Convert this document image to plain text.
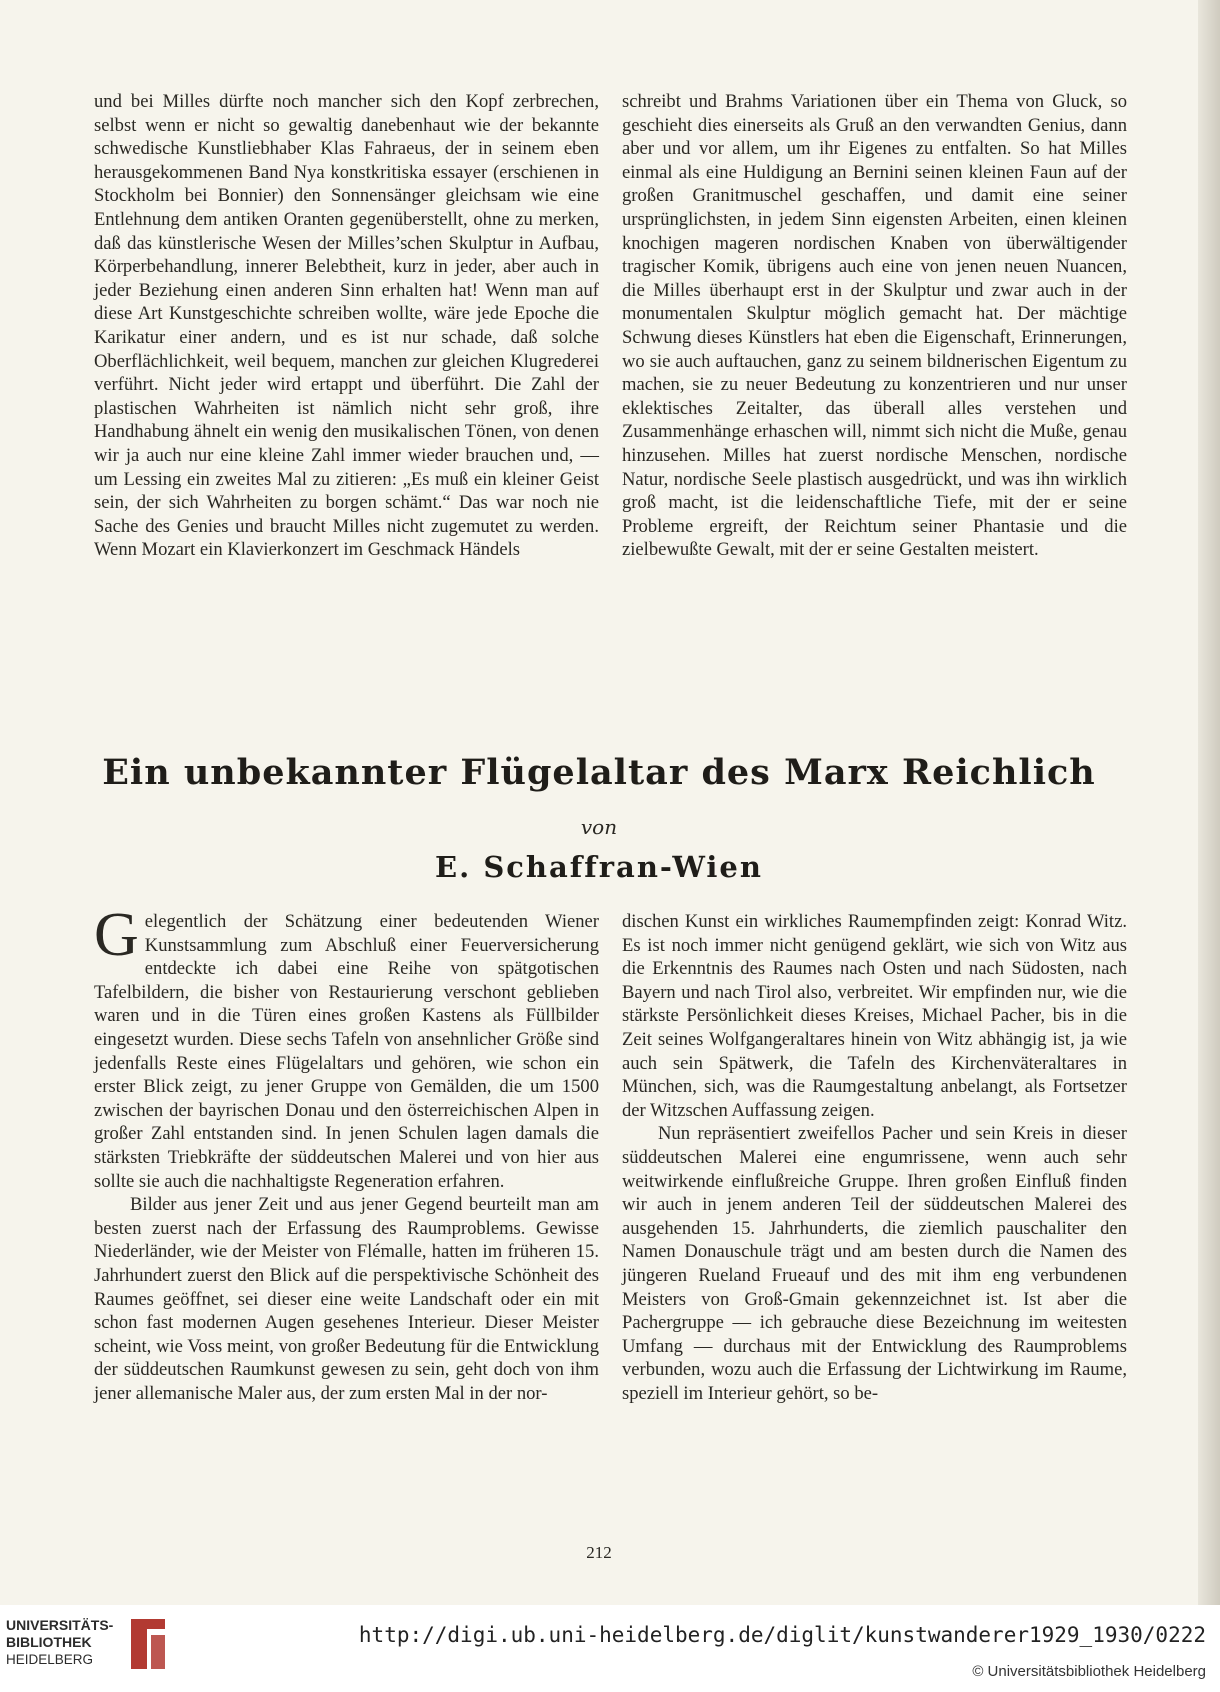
und bei Milles dürfte noch mancher sich den Kopf zerbrechen, selbst wenn er nicht so gewaltig danebenhaut wie der bekannte schwedische Kunstliebhaber Klas Fahraeus, der in seinem eben herausgekommenen Band Nya konstkritiska essayer (erschienen in Stockholm bei Bonnier) den Sonnensänger gleichsam wie eine Entlehnung dem antiken Oranten gegenüberstellt, ohne zu merken, daß das künstlerische Wesen der Milles’schen Skulptur in Aufbau, Körperbehandlung, innerer Belebtheit, kurz in jeder, aber auch in jeder Beziehung einen anderen Sinn erhalten hat! Wenn man auf diese Art Kunstgeschichte schreiben wollte, wäre jede Epoche die Karikatur einer andern, und es ist nur schade, daß solche Oberflächlichkeit, weil bequem, manchen zur gleichen Klugrederei verführt. Nicht jeder wird ertappt und überführt. Die Zahl der plastischen Wahrheiten ist nämlich nicht sehr groß, ihre Handhabung ähnelt ein wenig den musikalischen Tönen, von denen wir ja auch nur eine kleine Zahl immer wieder brauchen und, — um Lessing ein zweites Mal zu zitieren: „Es muß ein kleiner Geist sein, der sich Wahrheiten zu borgen schämt.“ Das war noch nie Sache des Genies und braucht Milles nicht zugemutet zu werden. Wenn Mozart ein Klavierkonzert im Geschmack Händels

schreibt und Brahms Variationen über ein Thema von Gluck, so geschieht dies einerseits als Gruß an den verwandten Genius, dann aber und vor allem, um ihr Eigenes zu entfalten. So hat Milles einmal als eine Huldigung an Bernini seinen kleinen Faun auf der großen Granitmuschel geschaffen, und damit eine seiner ursprünglichsten, in jedem Sinn eigensten Arbeiten, einen kleinen knochigen mageren nordischen Knaben von überwältigender tragischer Komik, übrigens auch eine von jenen neuen Nuancen, die Milles überhaupt erst in der Skulptur und zwar auch in der monumentalen Skulptur möglich gemacht hat. Der mächtige Schwung dieses Künstlers hat eben die Eigenschaft, Erinnerungen, wo sie auch auftauchen, ganz zu seinem bildnerischen Eigentum zu machen, sie zu neuer Bedeutung zu konzentrieren und nur unser eklektisches Zeitalter, das überall alles verstehen und Zusammenhänge erhaschen will, nimmt sich nicht die Muße, genau hinzusehen. Milles hat zuerst nordische Menschen, nordische Natur, nordische Seele plastisch ausgedrückt, und was ihn wirklich groß macht, ist die leidenschaftliche Tiefe, mit der er seine Probleme ergreift, der Reichtum seiner Phantasie und die zielbewußte Gewalt, mit der er seine Gestalten meistert.

Ein unbekannter Flügelaltar des Marx Reichlich
von
E. Schaffran-Wien

Gelegentlich der Schätzung einer bedeutenden Wiener Kunstsammlung zum Abschluß einer Feuerversicherung entdeckte ich dabei eine Reihe von spätgotischen Tafelbildern, die bisher von Restaurierung verschont geblieben waren und in die Türen eines großen Kastens als Füllbilder eingesetzt wurden. Diese sechs Tafeln von ansehnlicher Größe sind jedenfalls Reste eines Flügelaltars und gehören, wie schon ein erster Blick zeigt, zu jener Gruppe von Gemälden, die um 1500 zwischen der bayrischen Donau und den österreichischen Alpen in großer Zahl entstanden sind. In jenen Schulen lagen damals die stärksten Triebkräfte der süddeutschen Malerei und von hier aus sollte sie auch die nachhaltigste Regeneration erfahren.

Bilder aus jener Zeit und aus jener Gegend beurteilt man am besten zuerst nach der Erfassung des Raumproblems. Gewisse Niederländer, wie der Meister von Flémalle, hatten im früheren 15. Jahrhundert zuerst den Blick auf die perspektivische Schönheit des Raumes geöffnet, sei dieser eine weite Landschaft oder ein mit schon fast modernen Augen gesehenes Interieur. Dieser Meister scheint, wie Voss meint, von großer Bedeutung für die Entwicklung der süddeutschen Raumkunst gewesen zu sein, geht doch von ihm jener allemanische Maler aus, der zum ersten Mal in der nor-

dischen Kunst ein wirkliches Raumempfinden zeigt: Konrad Witz. Es ist noch immer nicht genügend geklärt, wie sich von Witz aus die Erkenntnis des Raumes nach Osten und nach Südosten, nach Bayern und nach Tirol also, verbreitet. Wir empfinden nur, wie die stärkste Persönlichkeit dieses Kreises, Michael Pacher, bis in die Zeit seines Wolfgangeraltares hinein von Witz abhängig ist, ja wie auch sein Spätwerk, die Tafeln des Kirchenväteraltares in München, sich, was die Raumgestaltung anbelangt, als Fortsetzer der Witzschen Auffassung zeigen.

Nun repräsentiert zweifellos Pacher und sein Kreis in dieser süddeutschen Malerei eine engumrissene, wenn auch sehr weitwirkende einflußreiche Gruppe. Ihren großen Einfluß finden wir auch in jenem anderen Teil der süddeutschen Malerei des ausgehenden 15. Jahrhunderts, die ziemlich pauschaliter den Namen Donauschule trägt und am besten durch die Namen des jüngeren Rueland Frueauf und des mit ihm eng verbundenen Meisters von Groß-Gmain gekennzeichnet ist. Ist aber die Pachergruppe — ich gebrauche diese Bezeichnung im weitesten Umfang — durchaus mit der Entwicklung des Raumproblems verbunden, wozu auch die Erfassung der Lichtwirkung im Raume, speziell im Interieur gehört, so be-

212
UNIVERSITÄTS-
BIBLIOTHEK
HEIDELBERG
http://digi.ub.uni-heidelberg.de/diglit/kunstwanderer1929_1930/0222
© Universitätsbibliothek Heidelberg
